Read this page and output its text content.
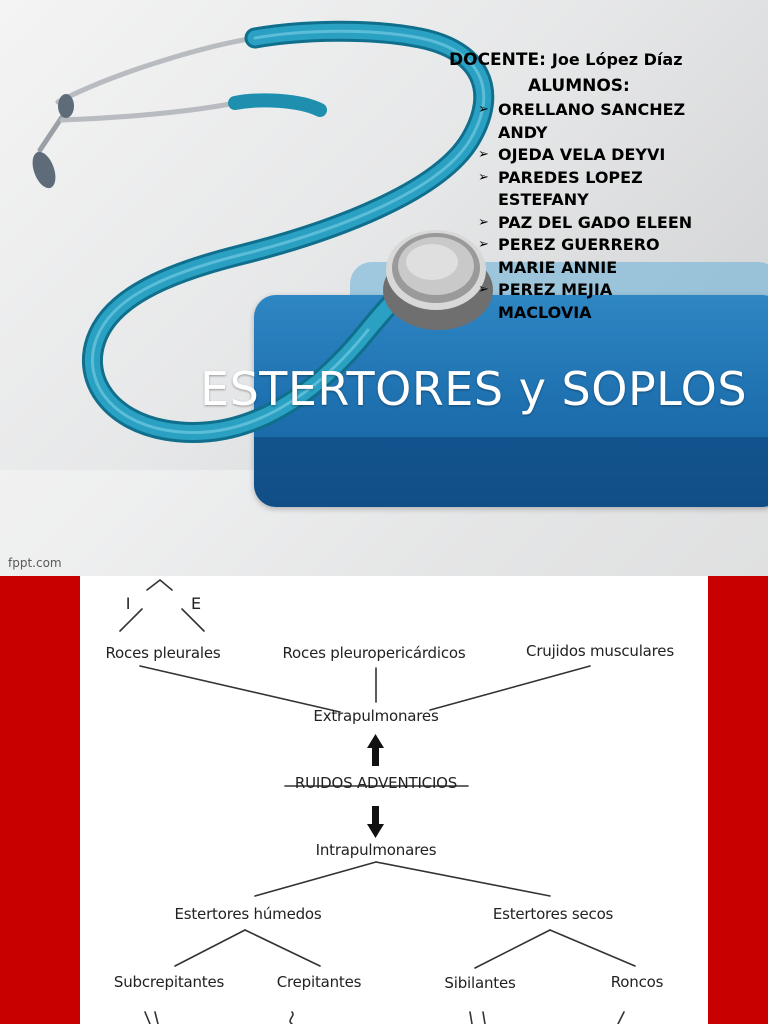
DOCENTE: Joe López Díaz
ALUMNOS:
➢ ORELLANO SANCHEZ
ANDY
➢ OJEDA VELA DEYVI
➢ PAREDES LOPEZ
ESTEFANY
➢ PAZ DEL GADO ELEEN
➢ PEREZ GUERRERO
MARIE ANNIE
➢ PEREZ MEJIA
MACLOVIA
ESTERTORES y SOPLOS
fppt.com
I	E
Roces pleurales	Roces pleuropericárdicos	Crujidos musculares
Extrapulmonares
RUIDOS ADVENTICIOS
Intrapulmonares
Estertores húmedos	Estertores secos
Subcrepitantes	Crepitantes	Sibilantes	Roncos
